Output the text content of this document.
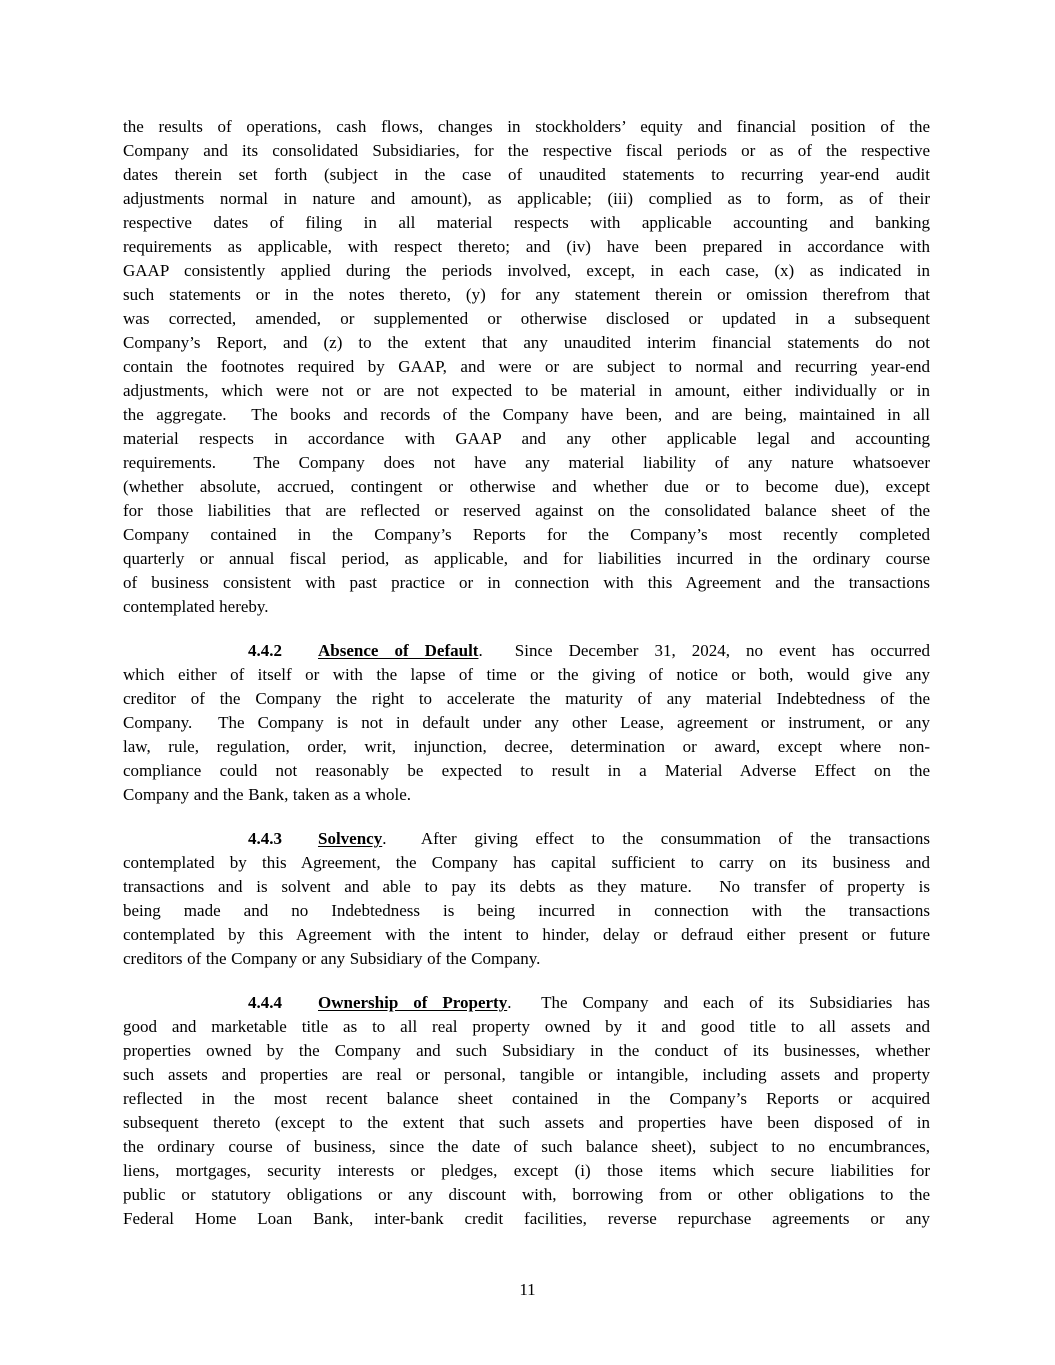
the results of operations, cash flows, changes in stockholders’ equity and financial position of the
Company and its consolidated Subsidiaries, for the respective fiscal periods or as of the respective
dates therein set forth (subject in the case of unaudited statements to recurring year-end audit
adjustments normal in nature and amount), as applicable; (iii) complied as to form, as of their
respective dates of filing in all material respects with applicable accounting and banking
requirements as applicable, with respect thereto; and (iv) have been prepared in accordance with
GAAP consistently applied during the periods involved, except, in each case, (x) as indicated in
such statements or in the notes thereto, (y) for any statement therein or omission therefrom that
was corrected, amended, or supplemented or otherwise disclosed or updated in a subsequent
Company’s Report, and (z) to the extent that any unaudited interim financial statements do not
contain the footnotes required by GAAP, and were or are subject to normal and recurring year-end
adjustments, which were not or are not expected to be material in amount, either individually or in
the aggregate.  The books and records of the Company have been, and are being, maintained in all
material respects in accordance with GAAP and any other applicable legal and accounting
requirements.  The Company does not have any material liability of any nature whatsoever
(whether absolute, accrued, contingent or otherwise and whether due or to become due), except
for those liabilities that are reflected or reserved against on the consolidated balance sheet of the
Company contained in the Company’s Reports for the Company’s most recently completed
quarterly or annual fiscal period, as applicable, and for liabilities incurred in the ordinary course
of business consistent with past practice or in connection with this Agreement and the transactions
contemplated hereby.
4.4.2 Absence of Default.  Since December 31, 2024, no event has occurred
which either of itself or with the lapse of time or the giving of notice or both, would give any
creditor of the Company the right to accelerate the maturity of any material Indebtedness of the
Company.  The Company is not in default under any other Lease, agreement or instrument, or any
law, rule, regulation, order, writ, injunction, decree, determination or award, except where non-
compliance could not reasonably be expected to result in a Material Adverse Effect on the
Company and the Bank, taken as a whole.
4.4.3 Solvency.  After giving effect to the consummation of the transactions
contemplated by this Agreement, the Company has capital sufficient to carry on its business and
transactions and is solvent and able to pay its debts as they mature.  No transfer of property is
being made and no Indebtedness is being incurred in connection with the transactions
contemplated by this Agreement with the intent to hinder, delay or defraud either present or future
creditors of the Company or any Subsidiary of the Company.
4.4.4 Ownership of Property.  The Company and each of its Subsidiaries has
good and marketable title as to all real property owned by it and good title to all assets and
properties owned by the Company and such Subsidiary in the conduct of its businesses, whether
such assets and properties are real or personal, tangible or intangible, including assets and property
reflected in the most recent balance sheet contained in the Company’s Reports or acquired
subsequent thereto (except to the extent that such assets and properties have been disposed of in
the ordinary course of business, since the date of such balance sheet), subject to no encumbrances,
liens, mortgages, security interests or pledges, except (i) those items which secure liabilities for
public or statutory obligations or any discount with, borrowing from or other obligations to the
Federal Home Loan Bank, inter-bank credit facilities, reverse repurchase agreements or any
11
